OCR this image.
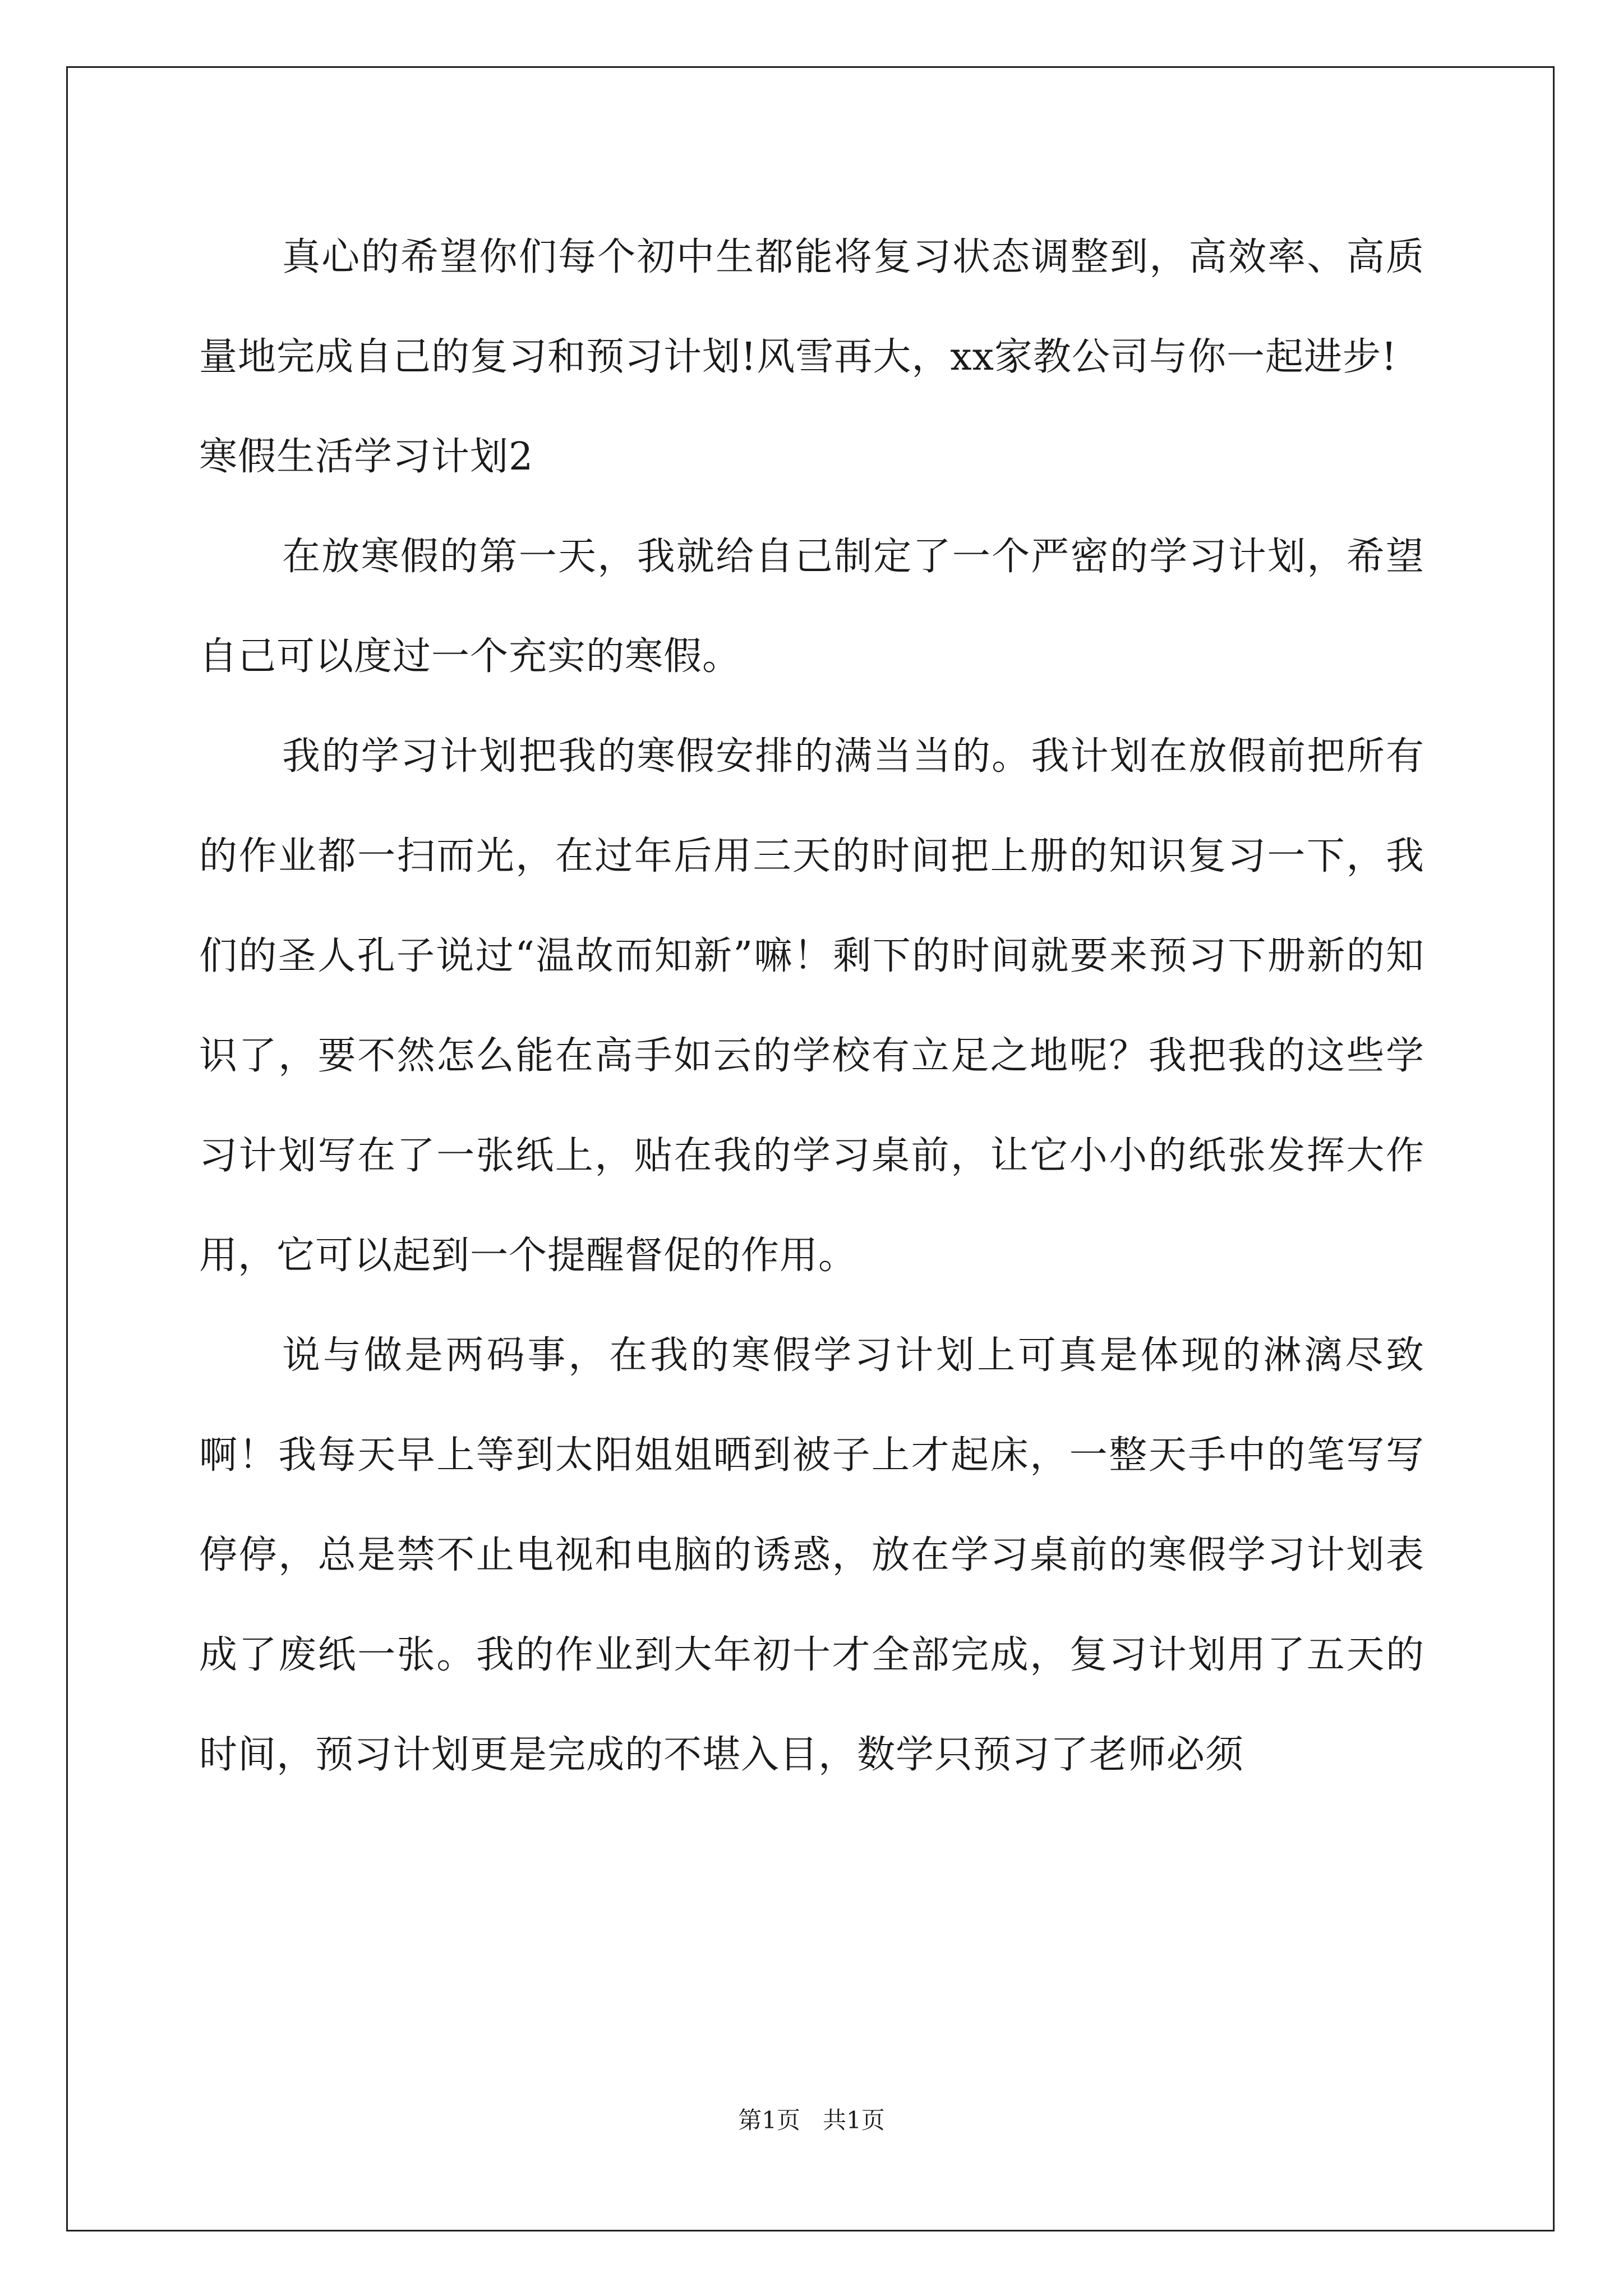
真心的希望你们每个初中生都能将复习状态调整到，高效率、高质量地完成自己的复习和预习计划!风雪再大，xx家教公司与你一起进步!

寒假生活学习计划2

在放寒假的第一天，我就给自己制定了一个严密的学习计划，希望自己可以度过一个充实的寒假。

我的学习计划把我的寒假安排的满当当的。我计划在放假前把所有的作业都一扫而光，在过年后用三天的时间把上册的知识复习一下，我们的圣人孔子说过“温故而知新”嘛！剩下的时间就要来预习下册新的知识了，要不然怎么能在高手如云的学校有立足之地呢？我把我的这些学习计划写在了一张纸上，贴在我的学习桌前，让它小小的纸张发挥大作用，它可以起到一个提醒督促的作用。

说与做是两码事，在我的寒假学习计划上可真是体现的淋漓尽致啊！我每天早上等到太阳姐姐晒到被子上才起床，一整天手中的笔写写停停，总是禁不止电视和电脑的诱惑，放在学习桌前的寒假学习计划表成了废纸一张。我的作业到大年初十才全部完成，复习计划用了五天的时间，预习计划更是完成的不堪入目，数学只预习了老师必须

第1页 共1页
